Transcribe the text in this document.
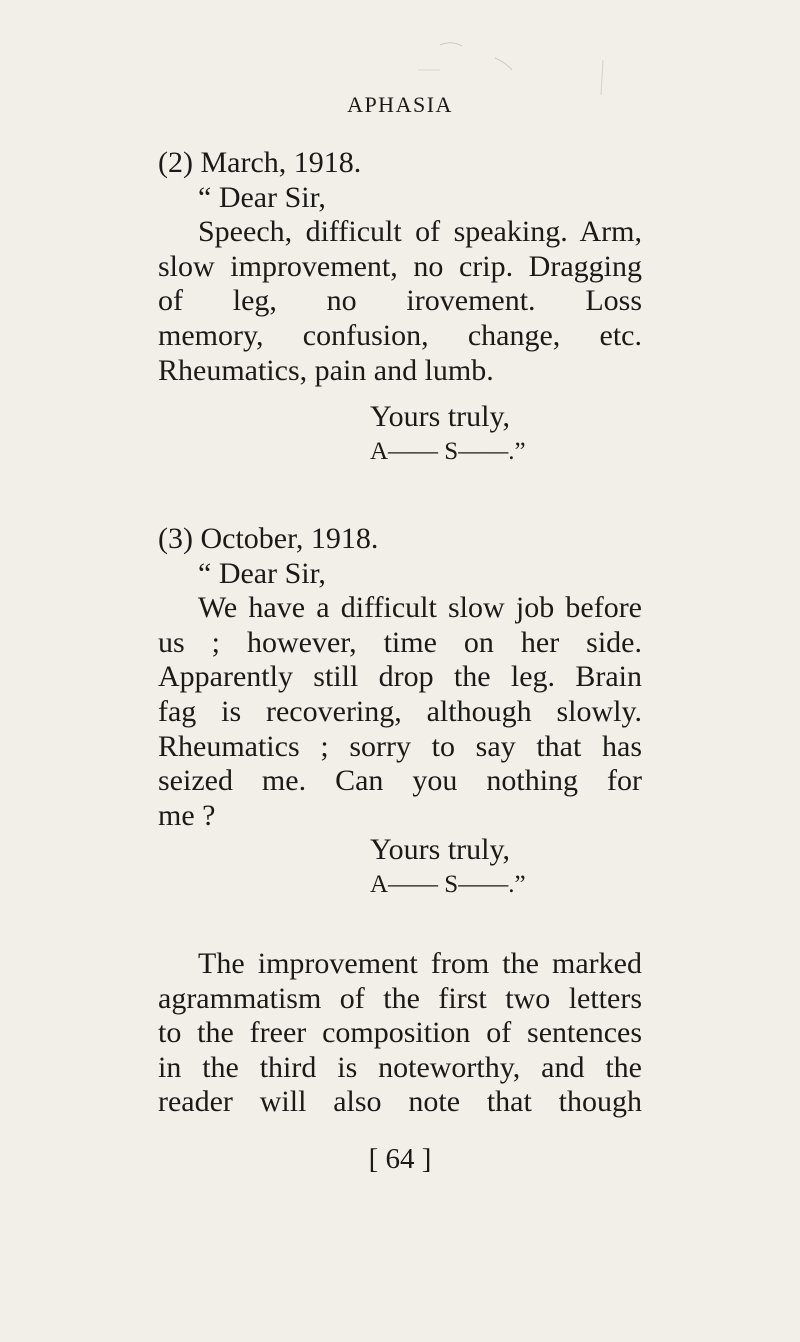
APHASIA
(2) March, 1918.
“ Dear Sir,
Speech, difficult of speaking. Arm,
slow improvement, no crip. Dragging
of leg, no irovement. Loss
memory, confusion, change, etc.
Rheumatics, pain and lumb.
Yours truly,
A—— S——.”
(3) October, 1918.
“ Dear Sir,
We have a difficult slow job before
us ; however, time on her side.
Apparently still drop the leg. Brain
fag is recovering, although slowly.
Rheumatics ; sorry to say that has
seized me. Can you nothing for
me ?
Yours truly,
A—— S——.”
The improvement from the marked
agrammatism of the first two letters
to the freer composition of sentences
in the third is noteworthy, and the
reader will also note that though
[ 64 ]
